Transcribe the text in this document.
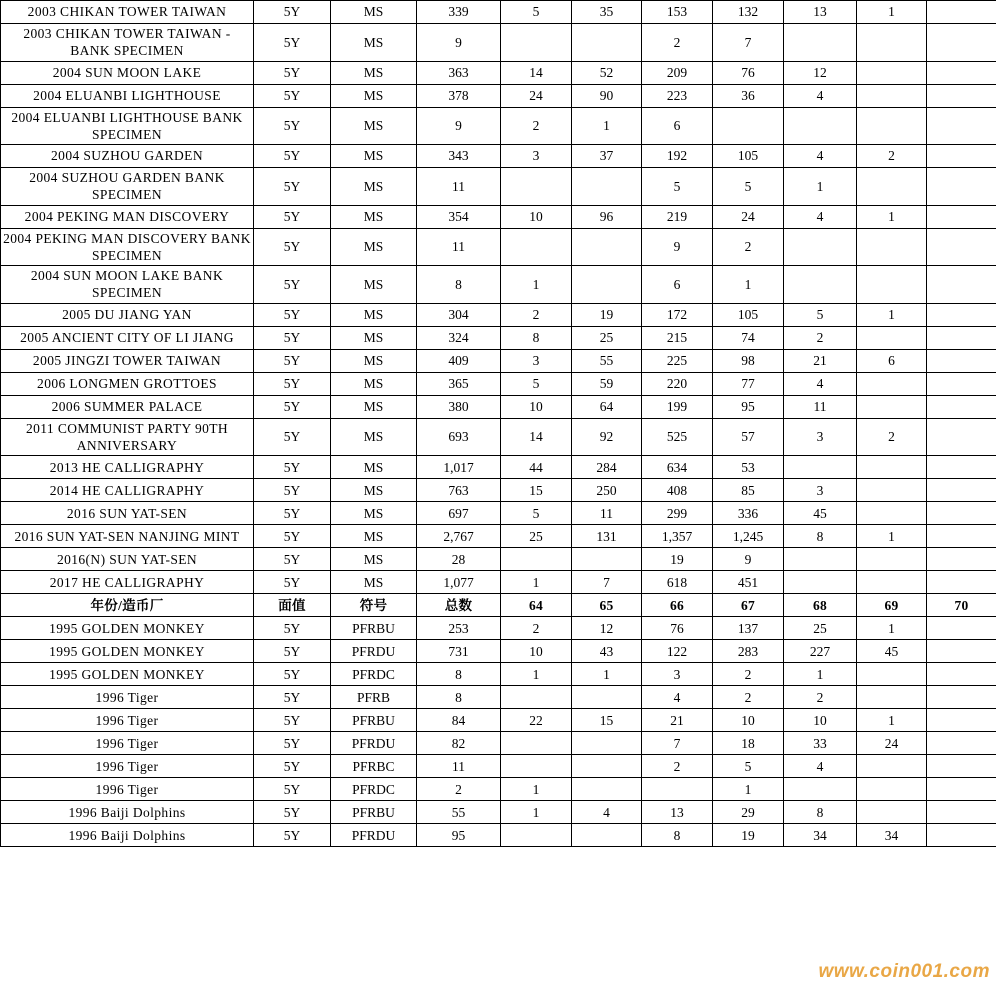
2003 CHIKAN TOWER TAIWAN	5Y	MS	339	5	35	153	132	13	1	
2003 CHIKAN TOWER TAIWAN - BANK SPECIMEN	5Y	MS	9			2	7			
2004 SUN MOON LAKE	5Y	MS	363	14	52	209	76	12		
2004 ELUANBI LIGHTHOUSE	5Y	MS	378	24	90	223	36	4		
2004 ELUANBI LIGHTHOUSE BANK SPECIMEN	5Y	MS	9	2	1	6				
2004 SUZHOU GARDEN	5Y	MS	343	3	37	192	105	4	2	
2004 SUZHOU GARDEN BANK SPECIMEN	5Y	MS	11			5	5	1		
2004 PEKING MAN DISCOVERY	5Y	MS	354	10	96	219	24	4	1	
2004 PEKING MAN DISCOVERY BANK SPECIMEN	5Y	MS	11			9	2			
2004 SUN MOON LAKE BANK SPECIMEN	5Y	MS	8	1		6	1			
2005 DU JIANG YAN	5Y	MS	304	2	19	172	105	5	1	
2005 ANCIENT CITY OF LI JIANG	5Y	MS	324	8	25	215	74	2		
2005 JINGZI TOWER TAIWAN	5Y	MS	409	3	55	225	98	21	6	
2006 LONGMEN GROTTOES	5Y	MS	365	5	59	220	77	4		
2006 SUMMER PALACE	5Y	MS	380	10	64	199	95	11		
2011 COMMUNIST PARTY 90TH ANNIVERSARY	5Y	MS	693	14	92	525	57	3	2	
2013 HE CALLIGRAPHY	5Y	MS	1,017	44	284	634	53			
2014 HE CALLIGRAPHY	5Y	MS	763	15	250	408	85	3		
2016 SUN YAT-SEN	5Y	MS	697	5	11	299	336	45		
2016 SUN YAT-SEN NANJING MINT	5Y	MS	2,767	25	131	1,357	1,245	8	1	
2016(N) SUN YAT-SEN	5Y	MS	28			19	9			
2017 HE CALLIGRAPHY	5Y	MS	1,077	1	7	618	451			
年份/造币厂	面值	符号	总数	64	65	66	67	68	69	70
1995 GOLDEN MONKEY	5Y	PFRBU	253	2	12	76	137	25	1	
1995 GOLDEN MONKEY	5Y	PFRDU	731	10	43	122	283	227	45	
1995 GOLDEN MONKEY	5Y	PFRDC	8	1	1	3	2	1		
1996 Tiger	5Y	PFRB	8			4	2	2		
1996 Tiger	5Y	PFRBU	84	22	15	21	10	10	1	
1996 Tiger	5Y	PFRDU	82			7	18	33	24	
1996 Tiger	5Y	PFRBC	11			2	5	4		
1996 Tiger	5Y	PFRDC	2	1			1			
1996 Baiji Dolphins	5Y	PFRBU	55	1	4	13	29	8		
1996 Baiji Dolphins	5Y	PFRDU	95			8	19	34	34	
www.coin001.com
